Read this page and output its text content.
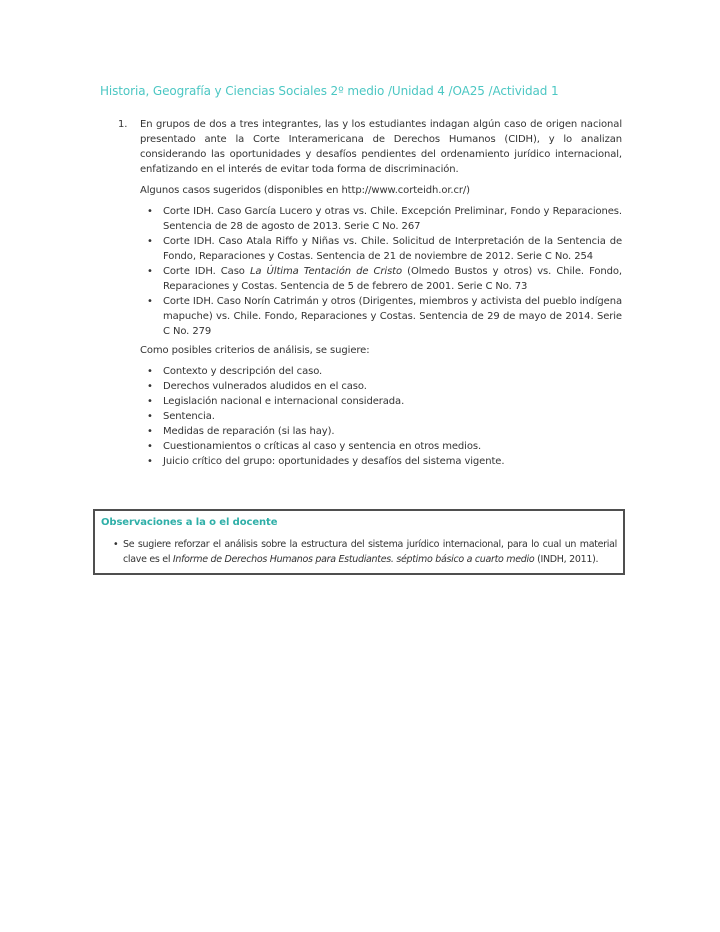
Historia, Geografía y Ciencias Sociales 2º medio /Unidad 4 /OA25 /Actividad 1
1.	En grupos de dos a tres integrantes, las y los estudiantes indagan algún caso de origen nacional presentado ante la Corte Interamericana de Derechos Humanos (CIDH), y lo analizan considerando las oportunidades y desafíos pendientes del ordenamiento jurídico internacional, enfatizando en el interés de evitar toda forma de discriminación.

Algunos casos sugeridos (disponibles en http://www.corteidh.or.cr/)

• Corte IDH. Caso García Lucero y otras vs. Chile. Excepción Preliminar, Fondo y Reparaciones. Sentencia de 28 de agosto de 2013. Serie C No. 267
• Corte IDH. Caso Atala Riffo y Niñas vs. Chile. Solicitud de Interpretación de la Sentencia de Fondo, Reparaciones y Costas. Sentencia de 21 de noviembre de 2012. Serie C No. 254
• Corte IDH. Caso La Última Tentación de Cristo (Olmedo Bustos y otros) vs. Chile. Fondo, Reparaciones y Costas. Sentencia de 5 de febrero de 2001. Serie C No. 73
• Corte IDH. Caso Norín Catrimán y otros (Dirigentes, miembros y activista del pueblo indígena mapuche) vs. Chile. Fondo, Reparaciones y Costas. Sentencia de 29 de mayo de 2014. Serie C No. 279

Como posibles criterios de análisis, se sugiere:

• Contexto y descripción del caso.
• Derechos vulnerados aludidos en el caso.
• Legislación nacional e internacional considerada.
• Sentencia.
• Medidas de reparación (si las hay).
• Cuestionamientos o críticas al caso y sentencia en otros medios.
• Juicio crítico del grupo: oportunidades y desafíos del sistema vigente.

Observaciones a la o el docente

• Se sugiere reforzar el análisis sobre la estructura del sistema jurídico internacional, para lo cual un material clave es el Informe de Derechos Humanos para Estudiantes. séptimo básico a cuarto medio (INDH, 2011).
